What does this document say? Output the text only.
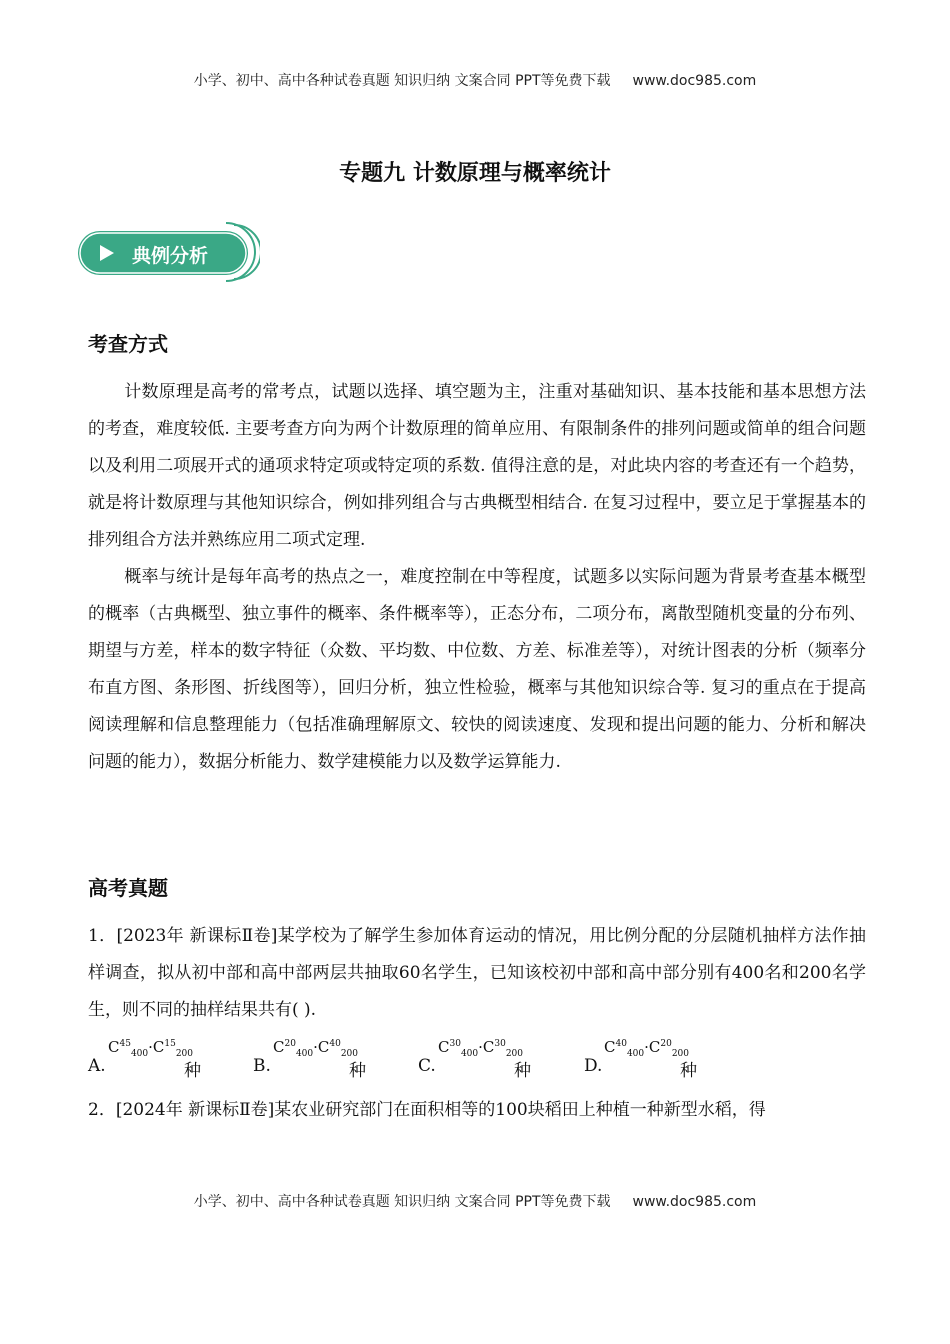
小学、初中、高中各种试卷真题 知识归纳 文案合同 PPT等免费下载 www.doc985.com
专题九 计数原理与概率统计
典例分析
考查方式
计数原理是高考的常考点，试题以选择、填空题为主，注重对基础知识、基本技能和基本思想方法的考查，难度较低. 主要考查方向为两个计数原理的简单应用、有限制条件的排列问题或简单的组合问题以及利用二项展开式的通项求特定项或特定项的系数. 值得注意的是，对此块内容的考查还有一个趋势，就是将计数原理与其他知识综合，例如排列组合与古典概型相结合. 在复习过程中，要立足于掌握基本的排列组合方法并熟练应用二项式定理.
概率与统计是每年高考的热点之一，难度控制在中等程度，试题多以实际问题为背景考查基本概型的概率（古典概型、独立事件的概率、条件概率等），正态分布，二项分布，离散型随机变量的分布列、期望与方差，样本的数字特征（众数、平均数、中位数、方差、标准差等），对统计图表的分析（频率分布直方图、条形图、折线图等），回归分析，独立性检验，概率与其他知识综合等. 复习的重点在于提高阅读理解和信息整理能力（包括准确理解原文、较快的阅读速度、发现和提出问题的能力、分析和解决问题的能力），数据分析能力、数学建模能力以及数学运算能力.
高考真题
1．[2023年 新课标Ⅱ卷]某学校为了解学生参加体育运动的情况，用比例分配的分层随机抽样方法作抽样调查，拟从初中部和高中部两层共抽取60名学生，已知该校初中部和高中部分别有400名和200名学生，则不同的抽样结果共有( ).
A.
$C^{45}_{400}\cdot C^{15}_{200}$
种	B.
$C^{20}_{400}\cdot C^{40}_{200}$
种	C.
$C^{30}_{400}\cdot C^{30}_{200}$
种	D.
$C^{40}_{400}\cdot C^{20}_{200}$
种
2．[2024年 新课标Ⅱ卷]某农业研究部门在面积相等的100块稻田上种植一种新型水稻，得
小学、初中、高中各种试卷真题 知识归纳 文案合同 PPT等免费下载 www.doc985.com
